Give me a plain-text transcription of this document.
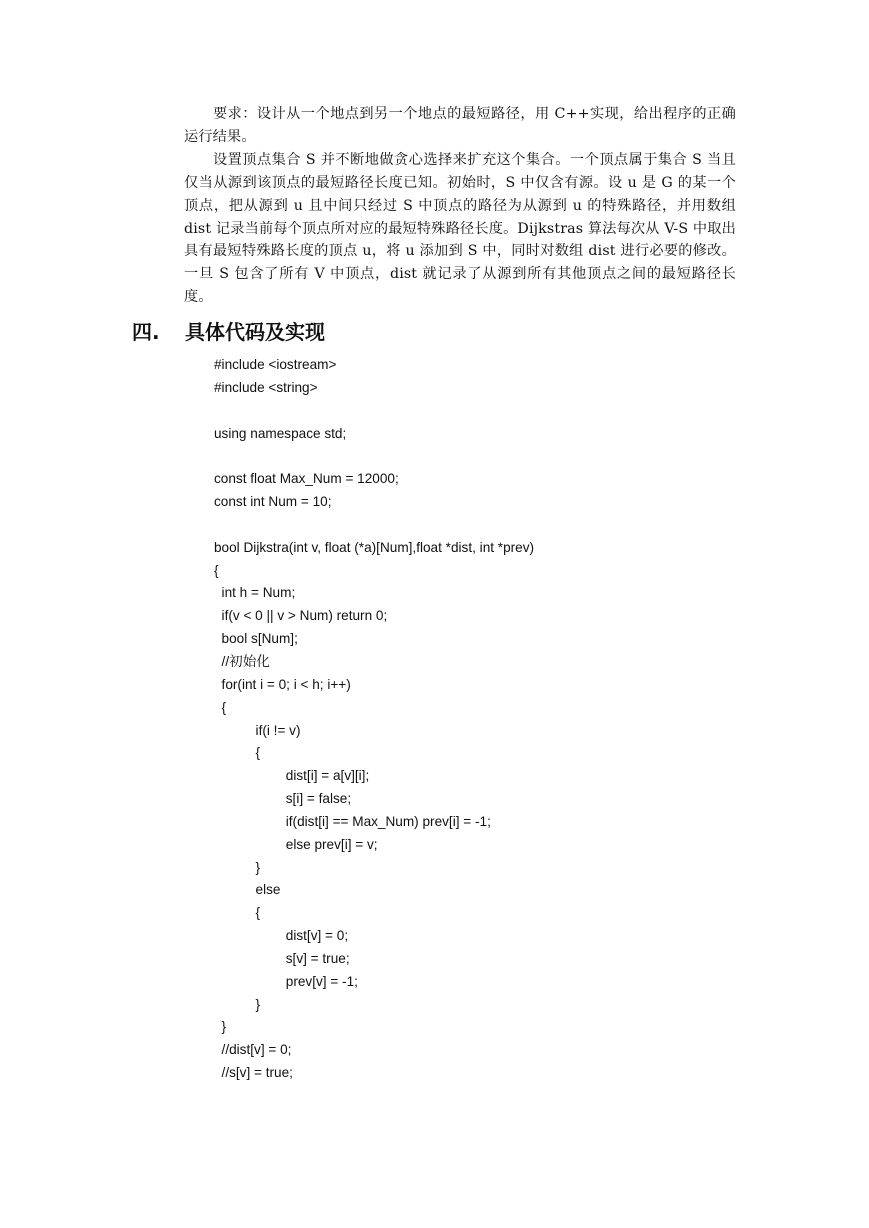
要求：设计从一个地点到另一个地点的最短路径，用 C++实现，给出程序的正确运行结果。

设置顶点集合 S 并不断地做贪心选择来扩充这个集合。一个顶点属于集合 S 当且仅当从源到该顶点的最短路径长度已知。初始时，S 中仅含有源。设 u 是 G 的某一个顶点，把从源到 u 且中间只经过 S 中顶点的路径为从源到 u 的特殊路径，并用数组 dist 记录当前每个顶点所对应的最短特殊路径长度。Dijkstras 算法每次从 V-S 中取出具有最短特殊路长度的顶点 u，将 u 添加到 S 中，同时对数组 dist 进行必要的修改。一旦 S 包含了所有 V 中顶点，dist 就记录了从源到所有其他顶点之间的最短路径长度。

四. 具体代码及实现
#include <iostream>
#include <string>
using namespace std;
const float Max_Num = 12000;
const int Num = 10;
bool Dijkstra(int v, float (*a)[Num],float *dist, int *prev)
{
int h = Num;
if(v < 0 || v > Num) return 0;
bool s[Num];
//初始化
for(int i = 0; i < h; i++)
{
if(i != v)
{
dist[i] = a[v][i];
s[i] = false;
if(dist[i] == Max_Num) prev[i] = -1;
else prev[i] = v;
}
else
{
dist[v] = 0;
s[v] = true;
prev[v] = -1;
}
}
//dist[v] = 0;
//s[v] = true;
